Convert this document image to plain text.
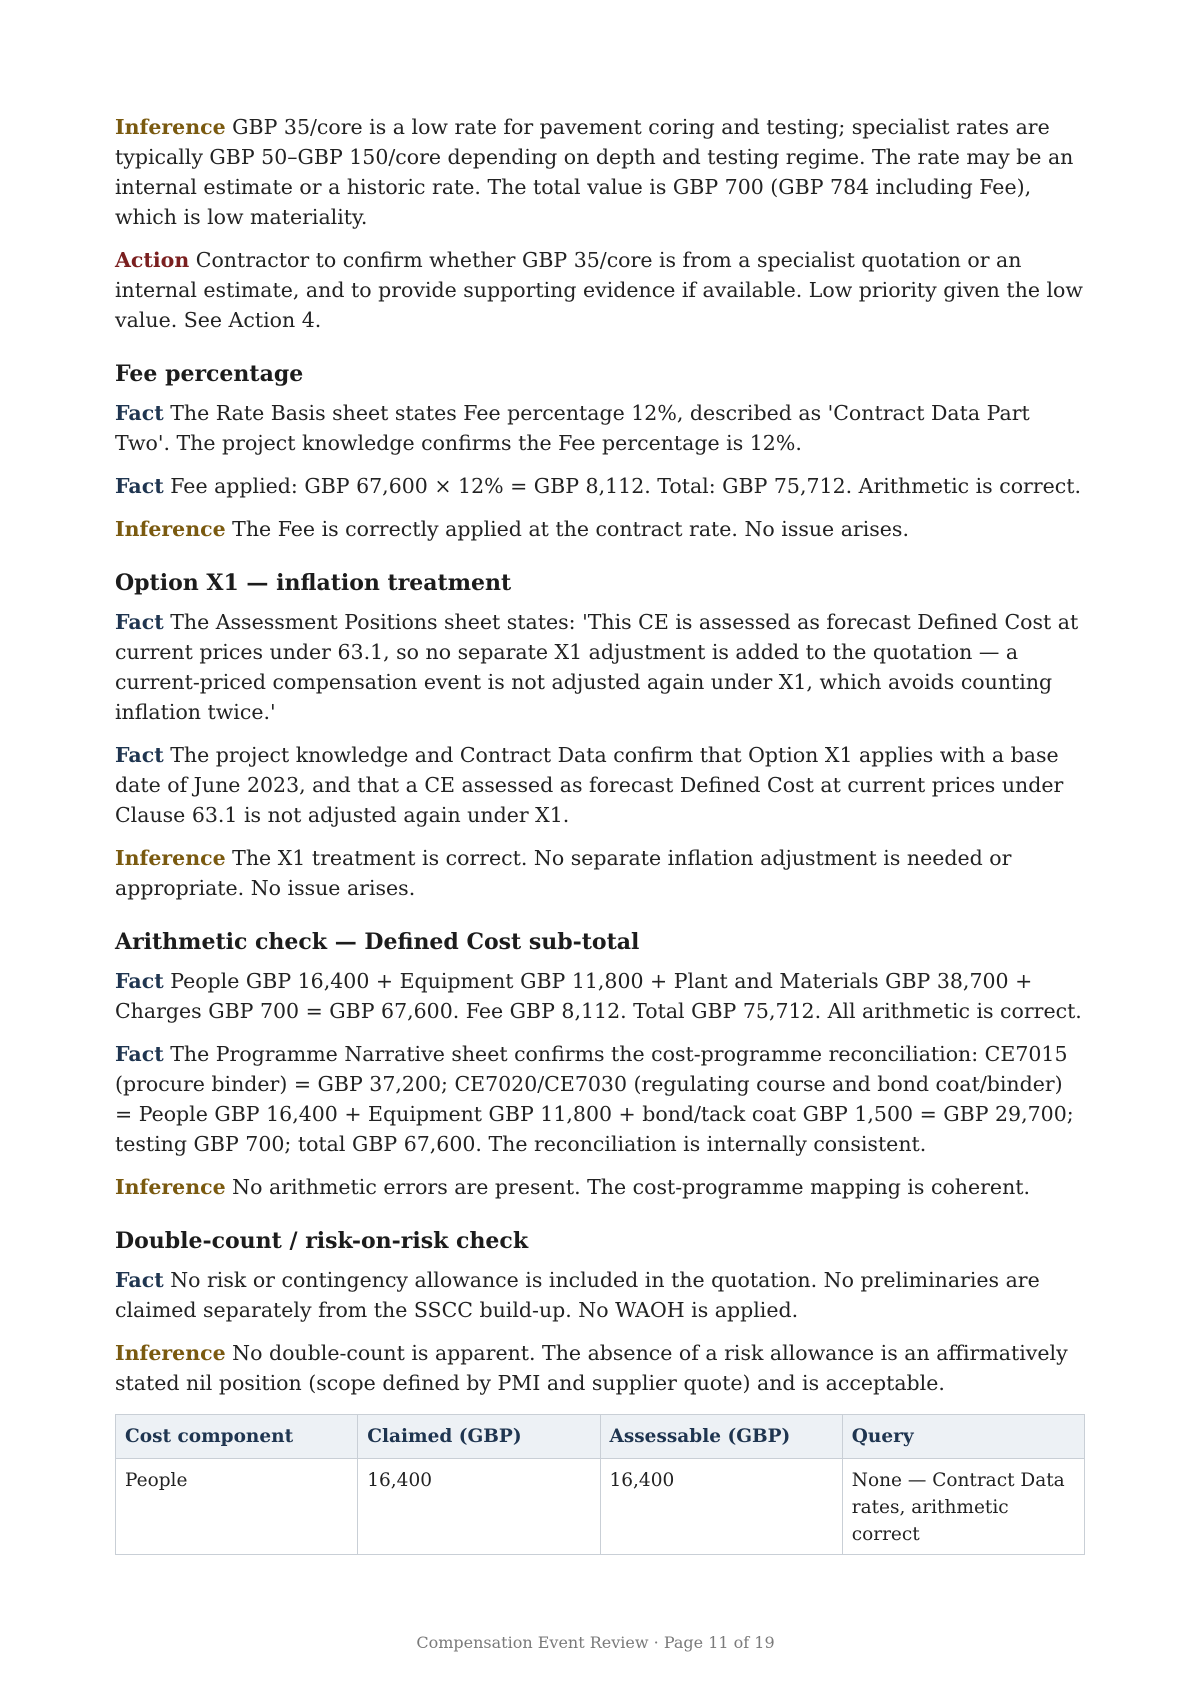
Inference GBP 35/core is a low rate for pavement coring and testing; specialist rates are typically GBP 50–GBP 150/core depending on depth and testing regime. The rate may be an internal estimate or a historic rate. The total value is GBP 700 (GBP 784 including Fee), which is low materiality.

Action Contractor to confirm whether GBP 35/core is from a specialist quotation or an internal estimate, and to provide supporting evidence if available. Low priority given the low value. See Action 4.

Fee percentage

Fact The Rate Basis sheet states Fee percentage 12%, described as 'Contract Data Part Two'. The project knowledge confirms the Fee percentage is 12%.

Fact Fee applied: GBP 67,600 × 12% = GBP 8,112. Total: GBP 75,712. Arithmetic is correct.

Inference The Fee is correctly applied at the contract rate. No issue arises.

Option X1 — inflation treatment

Fact The Assessment Positions sheet states: 'This CE is assessed as forecast Defined Cost at current prices under 63.1, so no separate X1 adjustment is added to the quotation — a current-priced compensation event is not adjusted again under X1, which avoids counting inflation twice.'

Fact The project knowledge and Contract Data confirm that Option X1 applies with a base date of June 2023, and that a CE assessed as forecast Defined Cost at current prices under Clause 63.1 is not adjusted again under X1.

Inference The X1 treatment is correct. No separate inflation adjustment is needed or appropriate. No issue arises.

Arithmetic check — Defined Cost sub-total

Fact People GBP 16,400 + Equipment GBP 11,800 + Plant and Materials GBP 38,700 + Charges GBP 700 = GBP 67,600. Fee GBP 8,112. Total GBP 75,712. All arithmetic is correct.

Fact The Programme Narrative sheet confirms the cost-programme reconciliation: CE7015 (procure binder) = GBP 37,200; CE7020/CE7030 (regulating course and bond coat/binder) = People GBP 16,400 + Equipment GBP 11,800 + bond/tack coat GBP 1,500 = GBP 29,700; testing GBP 700; total GBP 67,600. The reconciliation is internally consistent.

Inference No arithmetic errors are present. The cost-programme mapping is coherent.

Double-count / risk-on-risk check

Fact No risk or contingency allowance is included in the quotation. No preliminaries are claimed separately from the SSCC build-up. No WAOH is applied.

Inference No double-count is apparent. The absence of a risk allowance is an affirmatively stated nil position (scope defined by PMI and supplier quote) and is acceptable.

Cost component	Claimed (GBP)	Assessable (GBP)	Query
People	16,400	16,400	None — Contract Data rates, arithmetic correct
Compensation Event Review · Page 11 of 19
